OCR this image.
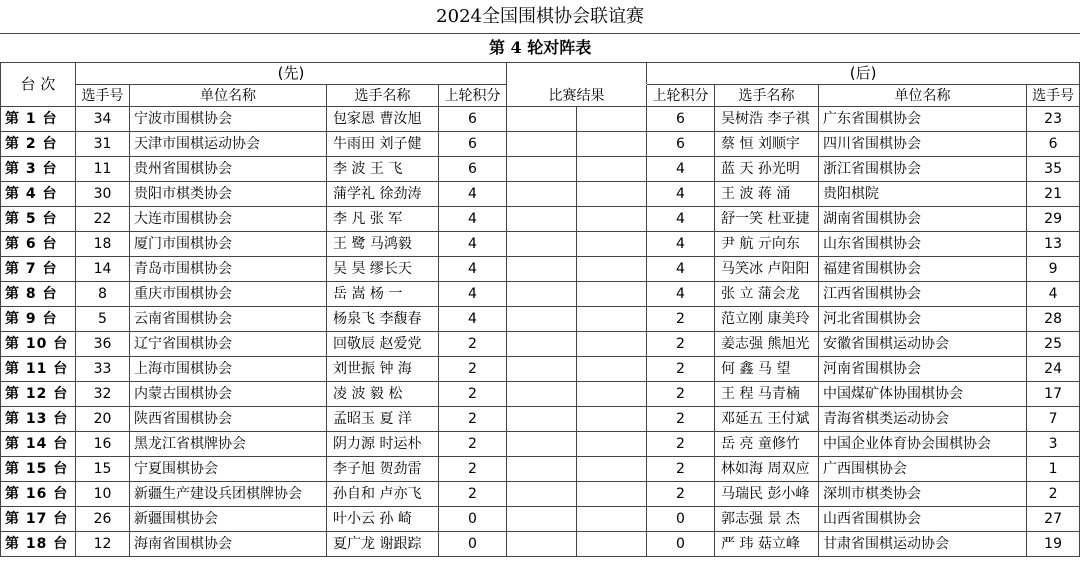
2024全国围棋协会联谊赛										
第 4 轮对阵表										
台 次	(先)						(后)			
	选手号	单位名称	选手名称	上轮积分	比赛结果		上轮积分	选手名称	单位名称	选手号
第 1 台	34	宁波市围棋协会	包家恩 曹汝旭	6			6	吴树浩 李子祺	广东省围棋协会	23
第 2 台	31	天津市围棋运动协会	牛雨田 刘子健	6			6	蔡 恒 刘顺宇	四川省围棋协会	6
第 3 台	11	贵州省围棋协会	李 波 王 飞	6			4	蓝 天 孙光明	浙江省围棋协会	35
第 4 台	30	贵阳市棋类协会	蒲学礼 徐劲涛	4			4	王 波 蒋 涌	贵阳棋院	21
第 5 台	22	大连市围棋协会	李 凡 张 军	4			4	舒一笑 杜亚捷	湖南省围棋协会	29
第 6 台	18	厦门市围棋协会	王 鹭 马鸿毅	4			4	尹 航 亓向东	山东省围棋协会	13
第 7 台	14	青岛市围棋协会	吴 昊 缪长天	4			4	马笑冰 卢阳阳	福建省围棋协会	9
第 8 台	8	重庆市围棋协会	岳 嵩 杨 一	4			4	张 立 蒲会龙	江西省围棋协会	4
第 9 台	5	云南省围棋协会	杨泉飞 李馥春	4			2	范立刚 康美玲	河北省围棋协会	28
第 10 台	36	辽宁省围棋协会	回敬辰 赵爱党	2			2	姜志强 熊旭光	安徽省围棋运动协会	25
第 11 台	33	上海市围棋协会	刘世振 钟 海	2			2	何 鑫 马 望	河南省围棋协会	24
第 12 台	32	内蒙古围棋协会	凌 波 毅 松	2			2	王 程 马青楠	中国煤矿体协围棋协会	17
第 13 台	20	陕西省围棋协会	孟昭玉 夏 洋	2			2	邓延五 王付斌	青海省棋类运动协会	7
第 14 台	16	黑龙江省棋牌协会	阴力源 时运朴	2			2	岳 亮 童修竹	中国企业体育协会围棋协会	3
第 15 台	15	宁夏围棋协会	李子旭 贺劲雷	2			2	林如海 周双应	广西围棋协会	1
第 16 台	10	新疆生产建设兵团棋牌协会	孙自和 卢亦飞	2			2	马瑞民 彭小峰	深圳市棋类协会	2
第 17 台	26	新疆围棋协会	叶小云 孙 崎	0			0	郭志强 景 杰	山西省围棋协会	27
第 18 台	12	海南省围棋协会	夏广龙 谢跟踪	0			0	严 玮 菇立峰	甘肃省围棋运动协会	19
